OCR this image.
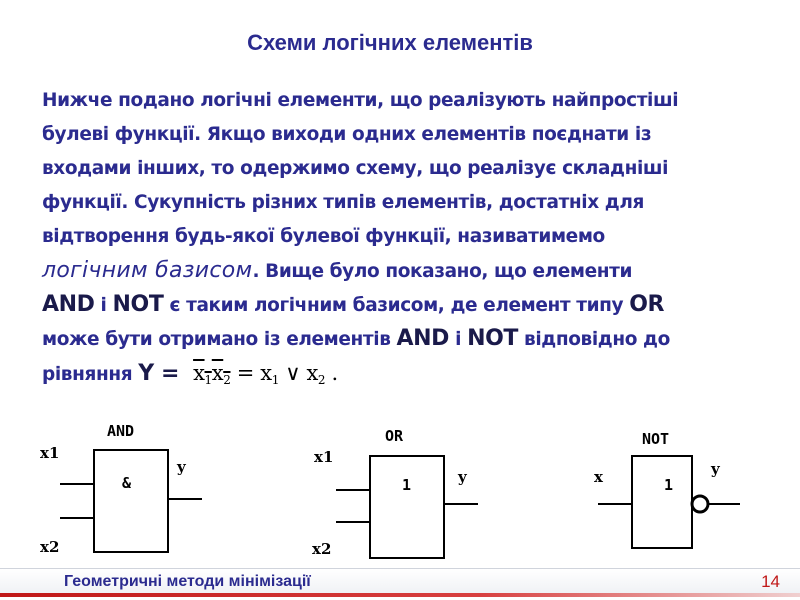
Схеми логічних елементів
Нижче подано логічні елементи, що реалізують найпростіші
булеві функції. Якщо виходи одних елементів поєднати із
входами інших, то одержимо схему, що реалізує складніші
функції. Сукупність різних типів елементів, достатніх для
відтворення будь-якої булевої функції, називатимемо
логічним базисом. Вище було показано, що елементи
AND і NOT є таким логічним базисом, де елемент типу OR
може бути отримано із елементів AND і NOT відповідно до
рівняння $Y = x_1x_2 = x_1$ ∨ $x_2$ .
AND
&
x1
x2
y
OR
1
x1
x2
y
NOT
1
x	y
Геометричні методи мінімізації	14
